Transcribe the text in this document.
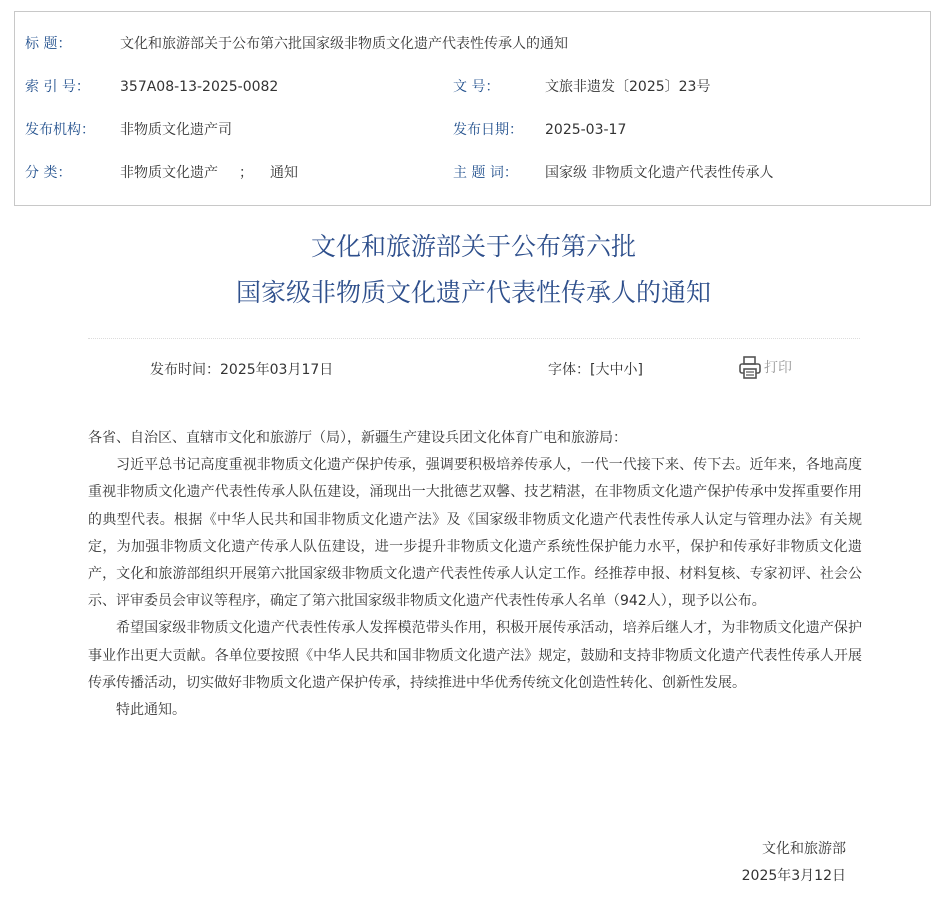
标 题：	文化和旅游部关于公布第六批国家级非物质文化遗产代表性传承人的通知
索 引 号： 357A08-13-2025-0082	文 号：	文旅非遗发〔2025〕23号
发布机构： 非物质文化遗产司	发布日期： 2025-03-17
分 类：	非物质文化遗产 ； 通知	主 题 词： 国家级 非物质文化遗产代表性传承人
文化和旅游部关于公布第六批
国家级非物质文化遗产代表性传承人的通知
发布时间：2025年03月17日	字体：[大中小]	打印

各省、自治区、直辖市文化和旅游厅（局），新疆生产建设兵团文化体育广电和旅游局：

习近平总书记高度重视非物质文化遗产保护传承，强调要积极培养传承人，一代一代接下来、传下去。近年来，各地高度重视非物质文化遗产代表性传承人队伍建设，涌现出一大批德艺双馨、技艺精湛，在非物质文化遗产保护传承中发挥重要作用的典型代表。根据《中华人民共和国非物质文化遗产法》及《国家级非物质文化遗产代表性传承人认定与管理办法》有关规定，为加强非物质文化遗产传承人队伍建设，进一步提升非物质文化遗产系统性保护能力水平，保护和传承好非物质文化遗产，文化和旅游部组织开展第六批国家级非物质文化遗产代表性传承人认定工作。经推荐申报、材料复核、专家初评、社会公示、评审委员会审议等程序，确定了第六批国家级非物质文化遗产代表性传承人名单（942人），现予以公布。

希望国家级非物质文化遗产代表性传承人发挥模范带头作用，积极开展传承活动，培养后继人才，为非物质文化遗产保护事业作出更大贡献。各单位要按照《中华人民共和国非物质文化遗产法》规定，鼓励和支持非物质文化遗产代表性传承人开展传承传播活动，切实做好非物质文化遗产保护传承，持续推进中华优秀传统文化创造性转化、创新性发展。

特此通知。

文化和旅游部
2025年3月12日
